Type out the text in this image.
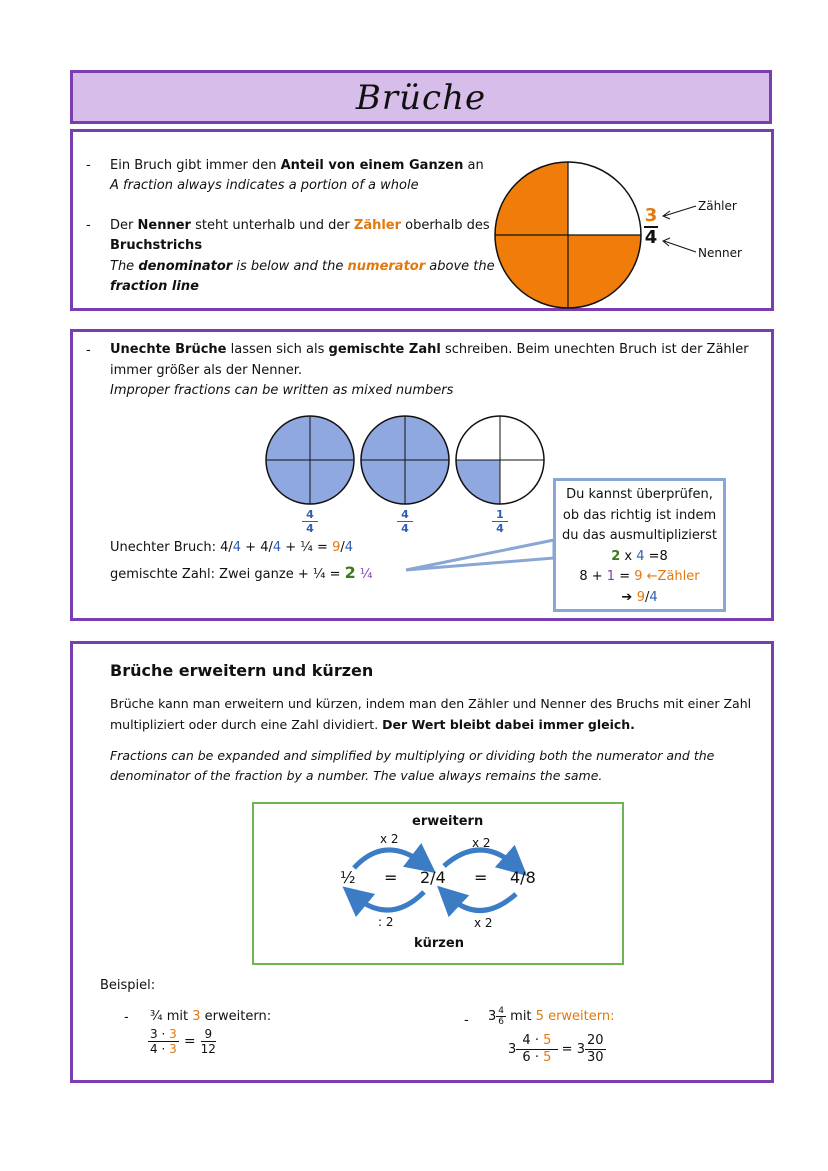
Brüche
- Ein Bruch gibt immer den Anteil von einem Ganzen an
A fraction always indicates a portion of a whole
- Der Nenner steht unterhalb und der Zähler oberhalb des
Bruchstrichs
The denominator is below and the numerator above the
fraction line
3
4
Zähler
Nenner
- Unechte Brüche lassen sich als gemischte Zahl schreiben. Beim unechten Bruch ist der Zähler
immer größer als der Nenner.
Improper fractions can be written as mixed numbers
4
4
4
4
1
4
Unechter Bruch: 4/4 + 4/4 + ¼ = 9/4
gemischte Zahl: Zwei ganze + ¼ = 2 ¼
Du kannst überprüfen,
ob das richtig ist indem
du das ausmultiplizierst
2 x 4 =8
8 + 1 = 9 ←Zähler
➔ 9/4
Brüche erweitern und kürzen
Brüche kann man erweitern und kürzen, indem man den Zähler und Nenner des Bruchs mit einer Zahl
multipliziert oder durch eine Zahl dividiert. Der Wert bleibt dabei immer gleich.
Fractions can be expanded and simplified by multiplying or dividing both the numerator and the
denominator of the fraction by a number. The value always remains the same.
erweitern
x 2	x 2
½ = 2/4 = 4/8
: 2	x 2
kürzen
Beispiel:
- ¾ mit 3 erweitern:
$\frac{3 \cdot 3}{4 \cdot 3} = \frac{9}{12}$
- $3 \frac{4}{6}$ mit 5 erweitern:
$3 \frac{4 \cdot 5}{6 \cdot 5} = 3 \frac{20}{30}$
